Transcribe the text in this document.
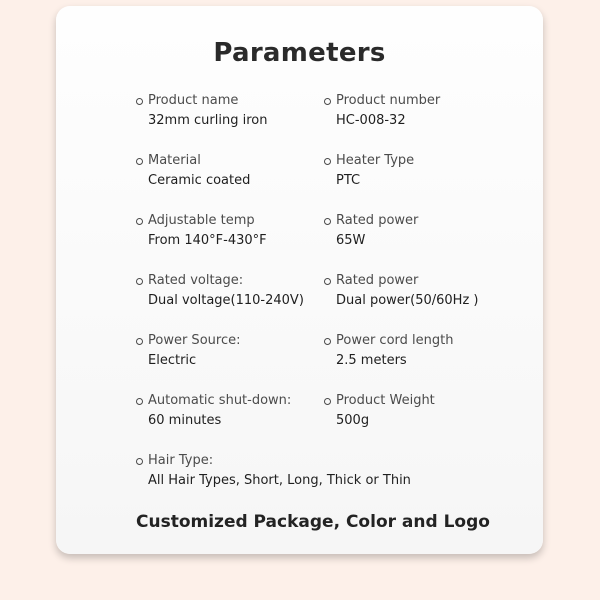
Parameters
Product name
32mm curling iron
Product number
HC-008-32
Material
Ceramic coated
Heater Type
PTC
Adjustable temp
From 140°F-430°F
Rated power
65W
Rated voltage:
Dual voltage(110-240V)
Rated power
Dual power(50/60Hz )
Power Source:
Electric
Power cord length
2.5 meters
Automatic shut-down:
60 minutes
Product Weight
500g
Hair Type:
All Hair Types, Short, Long, Thick or Thin
Customized Package, Color and Logo
